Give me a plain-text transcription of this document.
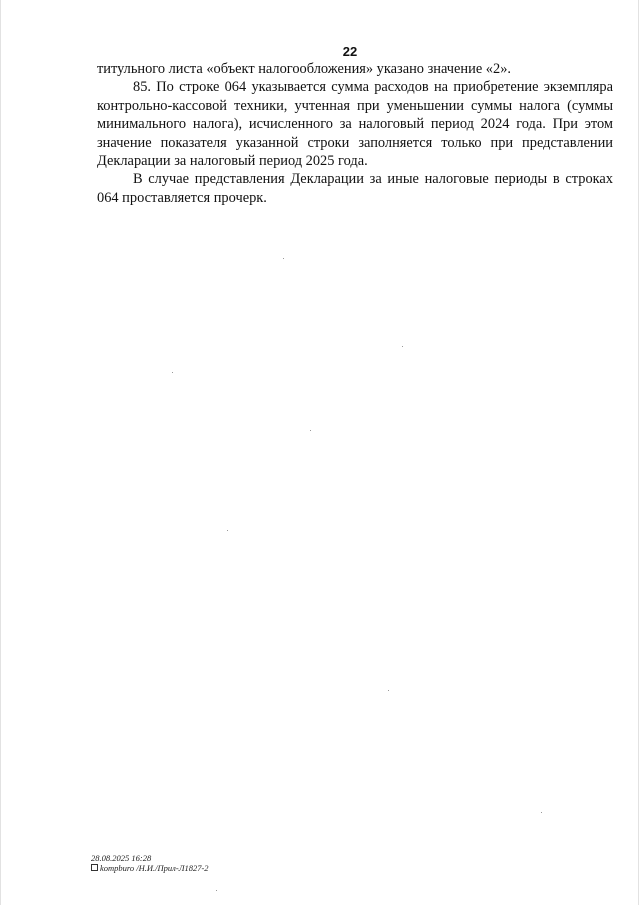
22

титульного листа «объект налогообложения» указано значение «2».

85. По строке 064 указывается сумма расходов на приобретение экземпляра контрольно-кассовой техники, учтенная при уменьшении суммы налога (суммы минимального налога), исчисленного за налоговый период 2024 года. При этом значение показателя указанной строки заполняется только при представлении Декларации за налоговый период 2025 года.

В случае представления Декларации за иные налоговые периоды в строках 064 проставляется прочерк.

28.08.2025 16:28
kompburo /Н.И./Прил-Л1827-2
